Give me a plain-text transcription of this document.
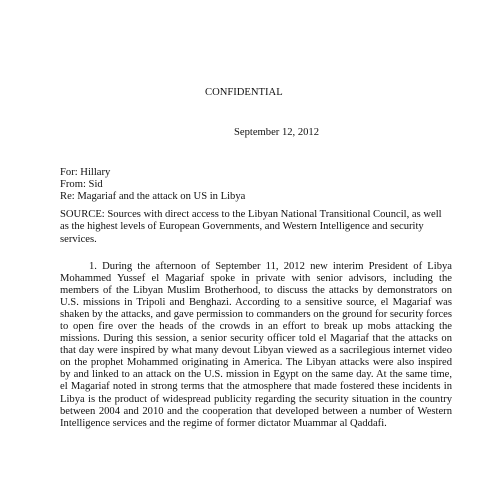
CONFIDENTIAL
September 12, 2012
For: Hillary
From: Sid
Re: Magariaf and the attack on US in Libya
SOURCE: Sources with direct access to the Libyan National Transitional Council, as well as the highest levels of European Governments, and Western Intelligence and security services.
1. During the afternoon of September 11, 2012 new interim President of Libya Mohammed Yussef el Magariaf spoke in private with senior advisors, including the members of the Libyan Muslim Brotherhood, to discuss the attacks by demonstrators on U.S. missions in Tripoli and Benghazi. According to a sensitive source, el Magariaf was shaken by the attacks, and gave permission to commanders on the ground for security forces to open fire over the heads of the crowds in an effort to break up mobs attacking the missions. During this session, a senior security officer told el Magariaf that the attacks on that day were inspired by what many devout Libyan viewed as a sacrilegious internet video on the prophet Mohammed originating in America. The Libyan attacks were also inspired by and linked to an attack on the U.S. mission in Egypt on the same day. At the same time, el Magariaf noted in strong terms that the atmosphere that made fostered these incidents in Libya is the product of widespread publicity regarding the security situation in the country between 2004 and 2010 and the cooperation that developed between a number of Western Intelligence services and the regime of former dictator Muammar al Qaddafi.
